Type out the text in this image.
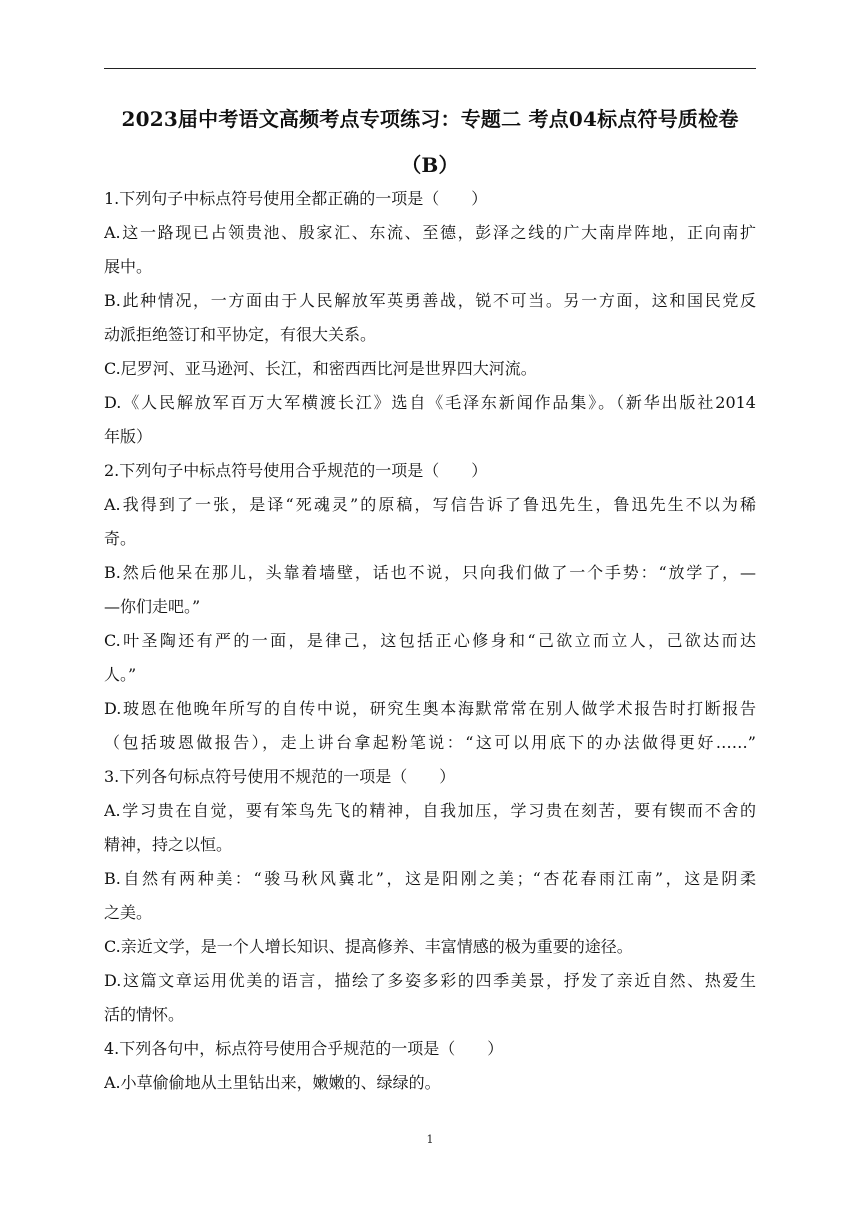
2023届中考语文高频考点专项练习：专题二 考点04标点符号质检卷
（B）
1.下列句子中标点符号使用全都正确的一项是（　　）
A.这一路现已占领贵池、殷家汇、东流、至德，彭泽之线的广大南岸阵地，正向南扩
展中。
B.此种情况，一方面由于人民解放军英勇善战，锐不可当。另一方面，这和国民党反
动派拒绝签订和平协定，有很大关系。
C.尼罗河、亚马逊河、长江，和密西西比河是世界四大河流。
D.《人民解放军百万大军横渡长江》选自《毛泽东新闻作品集》。（新华出版社2014
年版）
2.下列句子中标点符号使用合乎规范的一项是（　　）
A.我得到了一张，是译“死魂灵”的原稿，写信告诉了鲁迅先生，鲁迅先生不以为稀
奇。
B.然后他呆在那儿，头靠着墙壁，话也不说，只向我们做了一个手势：“放学了，—
—你们走吧。”
C.叶圣陶还有严的一面，是律己，这包括正心修身和“己欲立而立人，己欲达而达
人。”
D.玻恩在他晚年所写的自传中说，研究生奥本海默常常在别人做学术报告时打断报告
（包括玻恩做报告），走上讲台拿起粉笔说：“这可以用底下的办法做得更好……”
3.下列各句标点符号使用不规范的一项是（　　）
A.学习贵在自觉，要有笨鸟先飞的精神，自我加压，学习贵在刻苦，要有锲而不舍的
精神，持之以恒。
B.自然有两种美：“骏马秋风冀北”，这是阳刚之美；“杏花春雨江南”，这是阴柔
之美。
C.亲近文学，是一个人增长知识、提高修养、丰富情感的极为重要的途径。
D.这篇文章运用优美的语言，描绘了多姿多彩的四季美景，抒发了亲近自然、热爱生
活的情怀。
4.下列各句中，标点符号使用合乎规范的一项是（　　）
A.小草偷偷地从土里钻出来，嫩嫩的、绿绿的。
1
